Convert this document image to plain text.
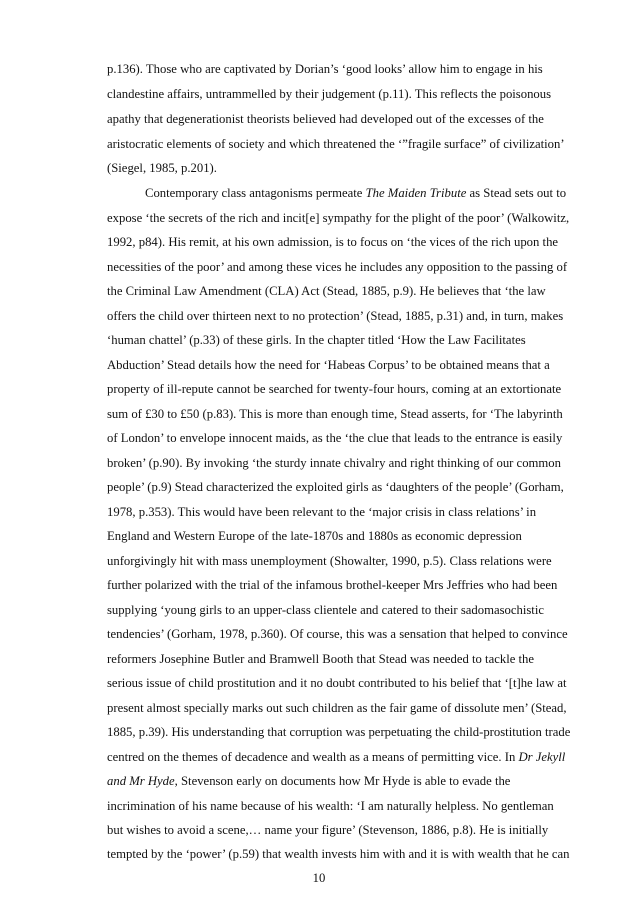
p.136). Those who are captivated by Dorian’s ‘good looks’ allow him to engage in his
clandestine affairs, untrammelled by their judgement (p.11). This reflects the poisonous
apathy that degenerationist theorists believed had developed out of the excesses of the
aristocratic elements of society and which threatened the ‘”fragile surface” of civilization’
(Siegel, 1985, p.201).
Contemporary class antagonisms permeate The Maiden Tribute as Stead sets out to
expose ‘the secrets of the rich and incit[e] sympathy for the plight of the poor’ (Walkowitz,
1992, p84). His remit, at his own admission, is to focus on ‘the vices of the rich upon the
necessities of the poor’ and among these vices he includes any opposition to the passing of
the Criminal Law Amendment (CLA) Act (Stead, 1885, p.9). He believes that ‘the law
offers the child over thirteen next to no protection’ (Stead, 1885, p.31) and, in turn, makes
‘human chattel’ (p.33) of these girls. In the chapter titled ‘How the Law Facilitates
Abduction’ Stead details how the need for ‘Habeas Corpus’ to be obtained means that a
property of ill-repute cannot be searched for twenty-four hours, coming at an extortionate
sum of £30 to £50 (p.83). This is more than enough time, Stead asserts, for ‘The labyrinth
of London’ to envelope innocent maids, as the ‘the clue that leads to the entrance is easily
broken’ (p.90). By invoking ‘the sturdy innate chivalry and right thinking of our common
people’ (p.9) Stead characterized the exploited girls as ‘daughters of the people’ (Gorham,
1978, p.353). This would have been relevant to the ‘major crisis in class relations’ in
England and Western Europe of the late-1870s and 1880s as economic depression
unforgivingly hit with mass unemployment (Showalter, 1990, p.5). Class relations were
further polarized with the trial of the infamous brothel-keeper Mrs Jeffries who had been
supplying ‘young girls to an upper-class clientele and catered to their sadomasochistic
tendencies’ (Gorham, 1978, p.360). Of course, this was a sensation that helped to convince
reformers Josephine Butler and Bramwell Booth that Stead was needed to tackle the
serious issue of child prostitution and it no doubt contributed to his belief that ‘[t]he law at
present almost specially marks out such children as the fair game of dissolute men’ (Stead,
1885, p.39). His understanding that corruption was perpetuating the child-prostitution trade
centred on the themes of decadence and wealth as a means of permitting vice. In Dr Jekyll
and Mr Hyde, Stevenson early on documents how Mr Hyde is able to evade the
incrimination of his name because of his wealth: ‘I am naturally helpless. No gentleman
but wishes to avoid a scene,… name your figure’ (Stevenson, 1886, p.8). He is initially
tempted by the ‘power’ (p.59) that wealth invests him with and it is with wealth that he can
10
